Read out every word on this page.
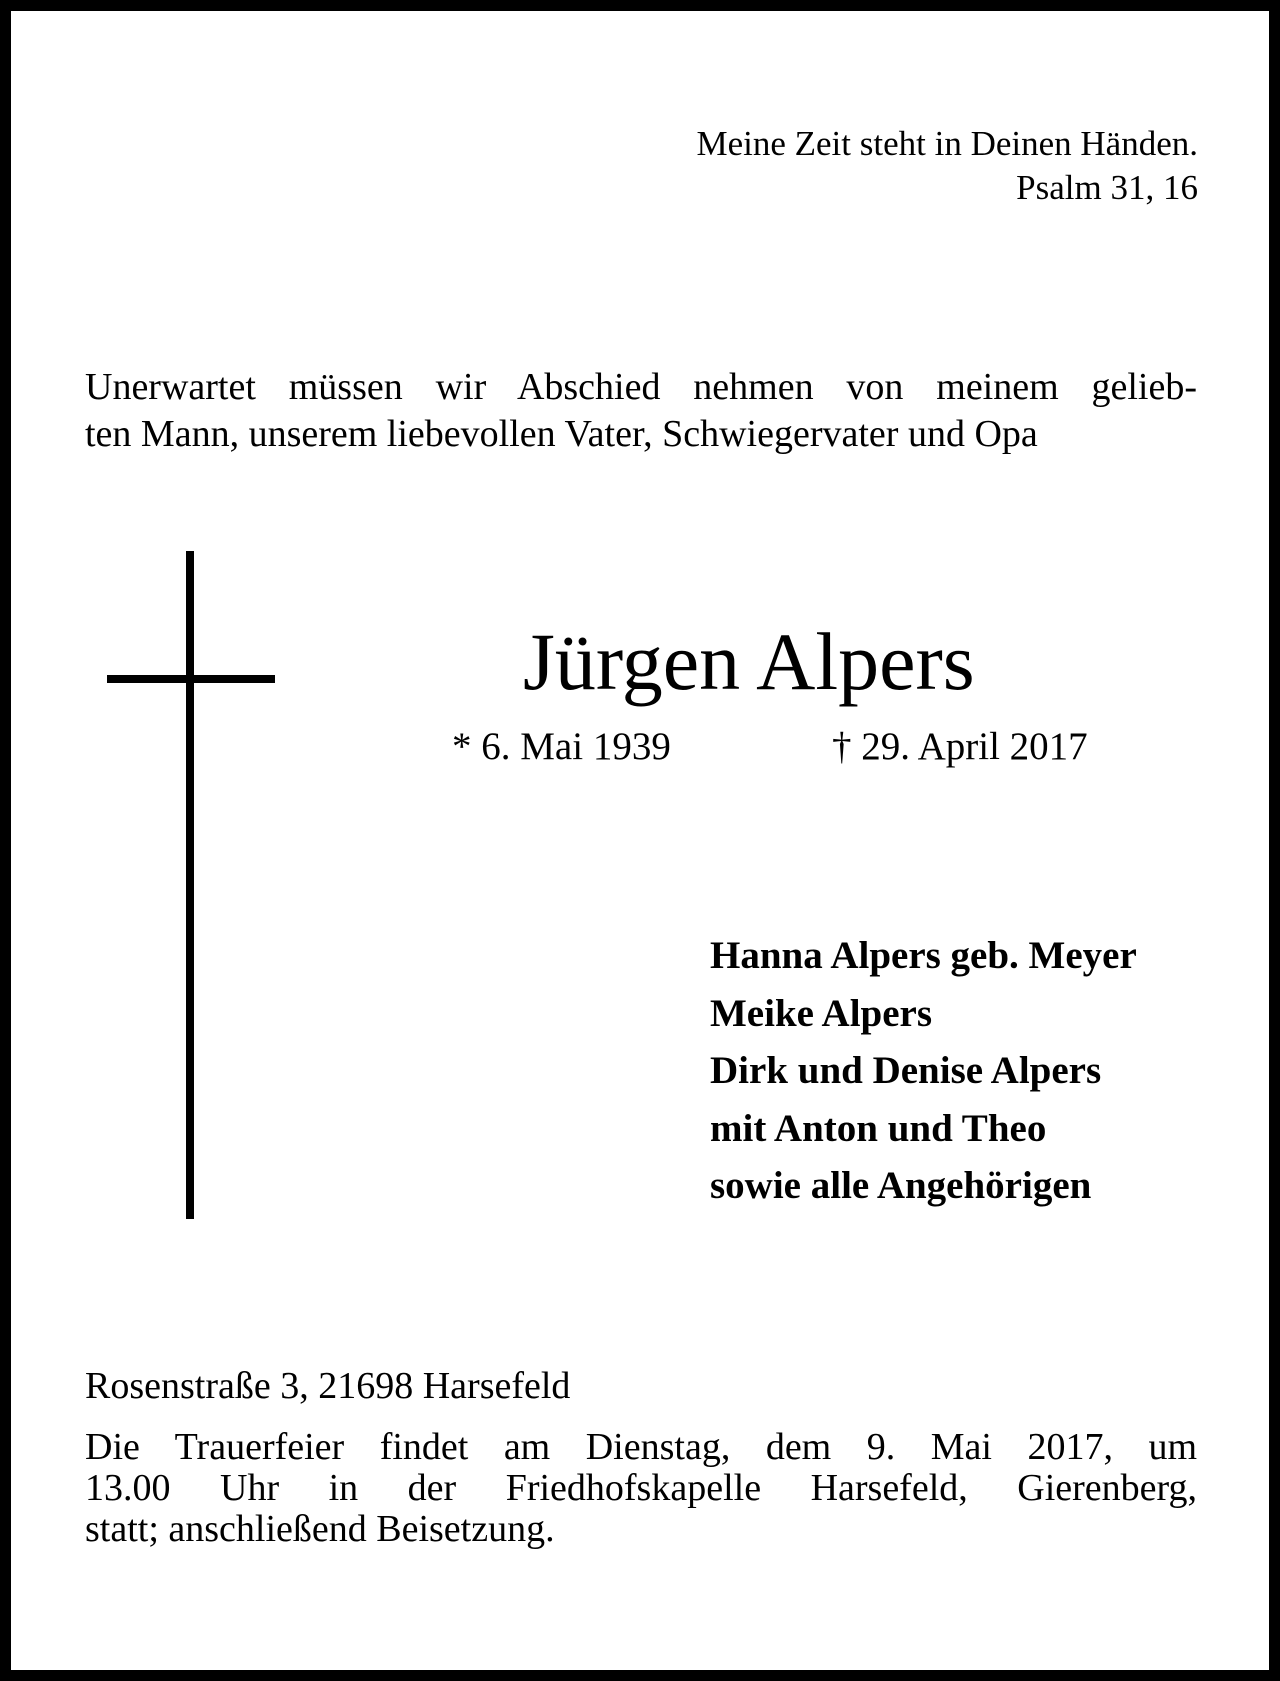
Meine Zeit steht in Deinen Händen.
Psalm 31, 16
Unerwartet müssen wir Abschied nehmen von meinem gelieb-
ten Mann, unserem liebevollen Vater, Schwiegervater und Opa
Jürgen Alpers
* 6. Mai 1939	† 29. April 2017
Hanna Alpers geb. Meyer
Meike Alpers
Dirk und Denise Alpers
mit Anton und Theo
sowie alle Angehörigen
Rosenstraße 3, 21698 Harsefeld
Die Trauerfeier findet am Dienstag, dem 9. Mai 2017, um
13.00 Uhr in der Friedhofskapelle Harsefeld, Gierenberg,
statt; anschließend Beisetzung.
